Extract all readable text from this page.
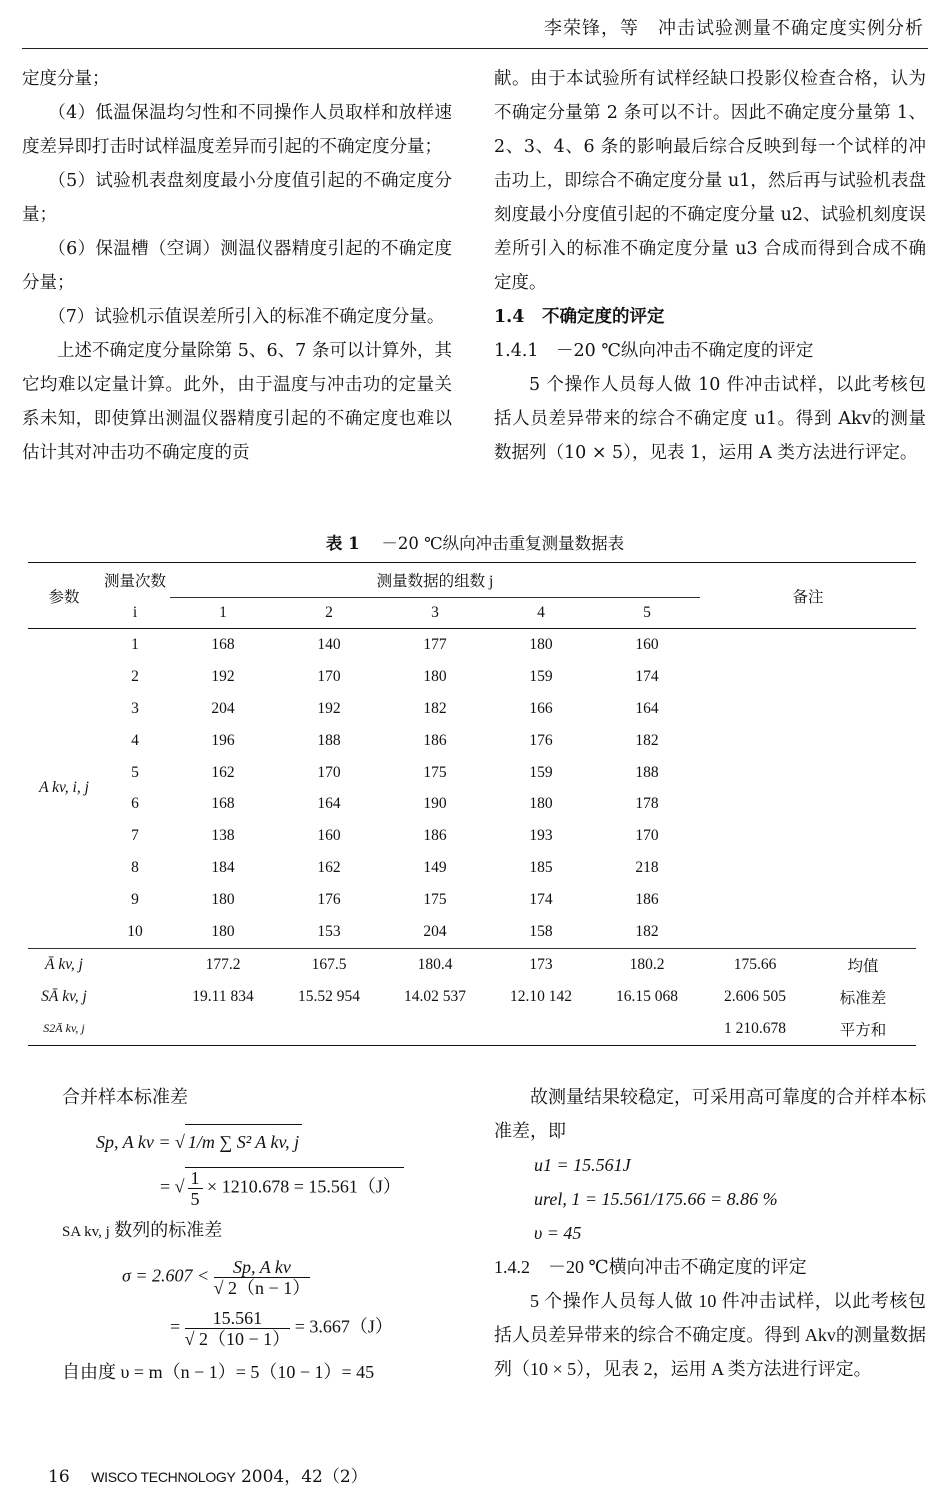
李荣锋，等　冲击试验测量不确定度实例分析

定度分量；

（4）低温保温均匀性和不同操作人员取样和放样速度差异即打击时试样温度差异而引起的不确定度分量；

（5）试验机表盘刻度最小分度值引起的不确定度分量；

（6）保温槽（空调）测温仪器精度引起的不确定度分量；

（7）试验机示值误差所引入的标准不确定度分量。

上述不确定度分量除第 5、6、7 条可以计算外，其它均难以定量计算。此外，由于温度与冲击功的定量关系未知，即使算出测温仪器精度引起的不确定度也难以估计其对冲击功不确定度的贡

献。由于本试验所有试样经缺口投影仪检查合格，认为不确定分量第 2 条可以不计。因此不确定度分量第 1、2、3、4、6 条的影响最后综合反映到每一个试样的冲击功上，即综合不确定度分量 u1，然后再与试验机表盘刻度最小分度值引起的不确定度分量 u2、试验机刻度误差所引入的标准不确定度分量 u3 合成而得到合成不确定度。

1.4　不确定度的评定

1.4.1　－20 ℃纵向冲击不确定度的评定

5 个操作人员每人做 10 件冲击试样，以此考核包括人员差异带来的综合不确定度 u1。得到 Akv的测量数据列（10 × 5），见表 1，运用 A 类方法进行评定。

表 1 　 －20 ℃纵向冲击重复测量数据表
参数	测量次数	测量数据的组数 j					备注	
	i	1	2	3	4	5		
A kv, i, j	1	168	140	177	180	160		
	2	192	170	180	159	174		
	3	204	192	182	166	164		
	4	196	188	186	176	182		
	5	162	170	175	159	188		
	6	168	164	190	180	178		
	7	138	160	186	193	170		
	8	184	162	149	185	218		
	9	180	176	175	174	186		
	10	180	153	204	158	182		
Ā kv, j		177.2	167.5	180.4	173	180.2	175.66	均值
SĀ kv, j		19.11 834	15.52 954	14.02 537	12.10 142	16.15 068	2.606 505	标准差
S2Ā kv, j							1 210.678	平方和
合并样本标准差
Sp, A kv = √ 1/m ∑ S² A kv, j
= √ $\frac{1}{5} \times 1210.678 = 15.561(J)$
SA kv, j 数列的标准差
$\sigma = 2.607 < \frac{\text{Sp, A kv}}{√ 2(n - 1)}$
= $\frac{15.561}{√ 2(10 - 1)} = 3.667(J)$
自由度 υ = m（n − 1）= 5（10 − 1）= 45

故测量结果较稳定，可采用高可靠度的合并样本标准差，即

u1 = 15.561J
urel, 1 = 15.561/175.66 = 8.86 %
υ = 45
1.4.2　－20 ℃横向冲击不确定度的评定

5 个操作人员每人做 10 件冲击试样，以此考核包括人员差异带来的综合不确定度。得到 Akv的测量数据列（10 × 5），见表 2，运用 A 类方法进行评定。

16 WISCO TECHNOLOGY 2004，42（2）
